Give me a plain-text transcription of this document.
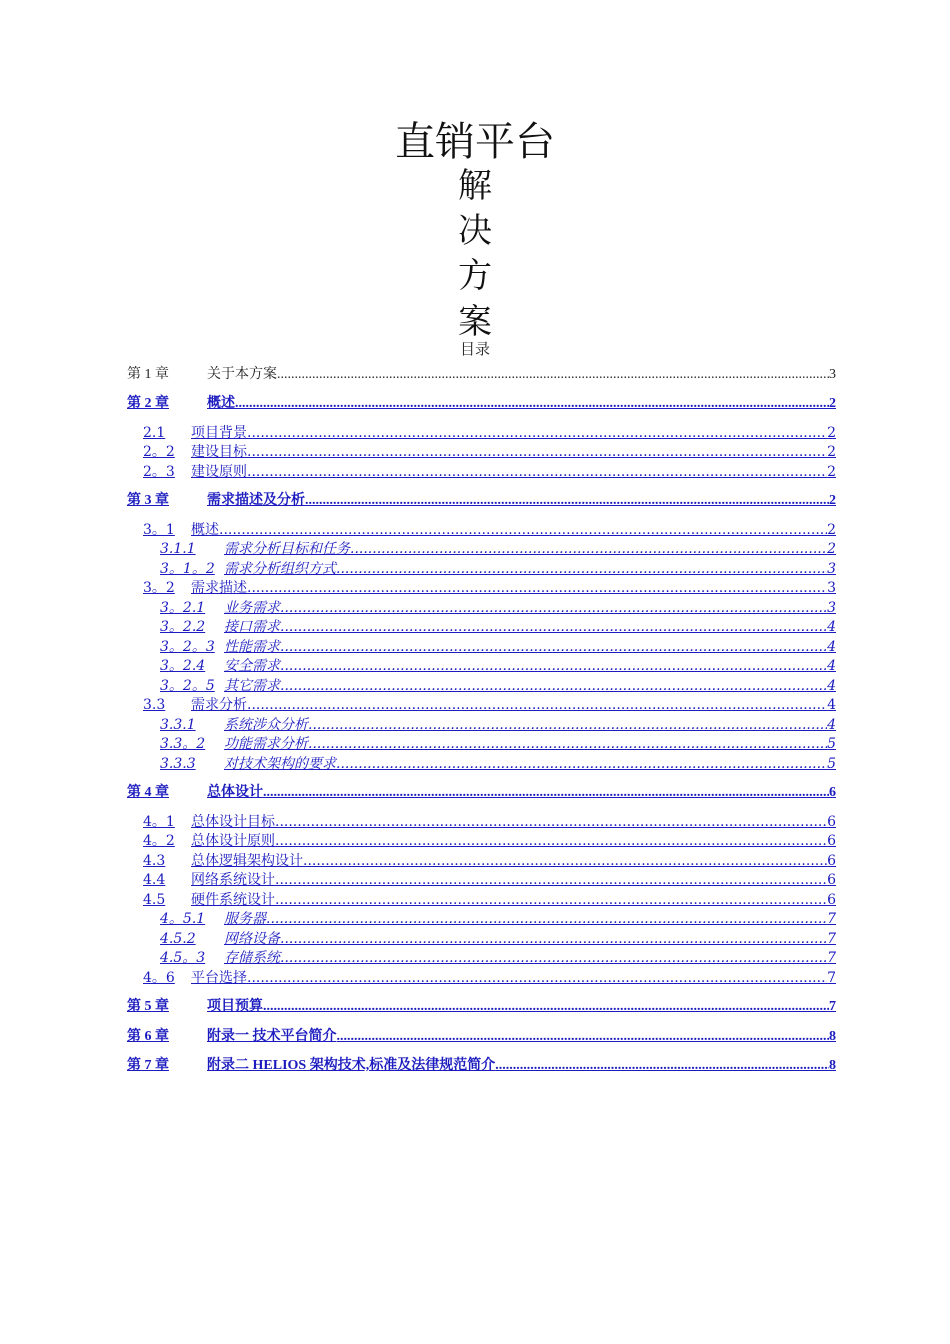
直销平台
解
决
方
案
目录
第 1 章	关于本方案 .....	3
第 2 章	概述 .....	2
2.1	项目背景 .....	2
2。2	建设目标 .....	2
2。3	建设原则 .....	2
第 3 章	需求描述及分析 .....	2
3。1	概述 .....	2
3.1.1	需求分析目标和任务 .....	2
3。1。2 需求分析组织方式 .....	3
3。2	需求描述 .....	3
3。2.1	业务需求 .....	3
3。2.2	接口需求 .....	4
3。2。3 性能需求 .....	4
3。2.4	安全需求 .....	4
3。2。5 其它需求 .....	4
3.3	需求分析 .....	4
3.3.1	系统涉众分析 .....	4
3.3。2	功能需求分析 .....	5
3.3.3	对技术架构的要求 .....	5
第 4 章	总体设计 .....	6
4。1	总体设计目标 .....	6
4。2	总体设计原则 .....	6
4.3	总体逻辑架构设计 .....	6
4.4	网络系统设计 .....	6
4.5	硬件系统设计 .....	6
4。5.1	服务器 .....	7
4.5.2	网络设备 .....	7
4.5。3	存储系统 .....	7
4。6	平台选择 .....	7
第 5 章	项目预算 .....	7
第 6 章	附录一 技术平台简介 .....	8
第 7 章	附录二 HELIOS 架构技术,标准及法律规范简介 .....	8
